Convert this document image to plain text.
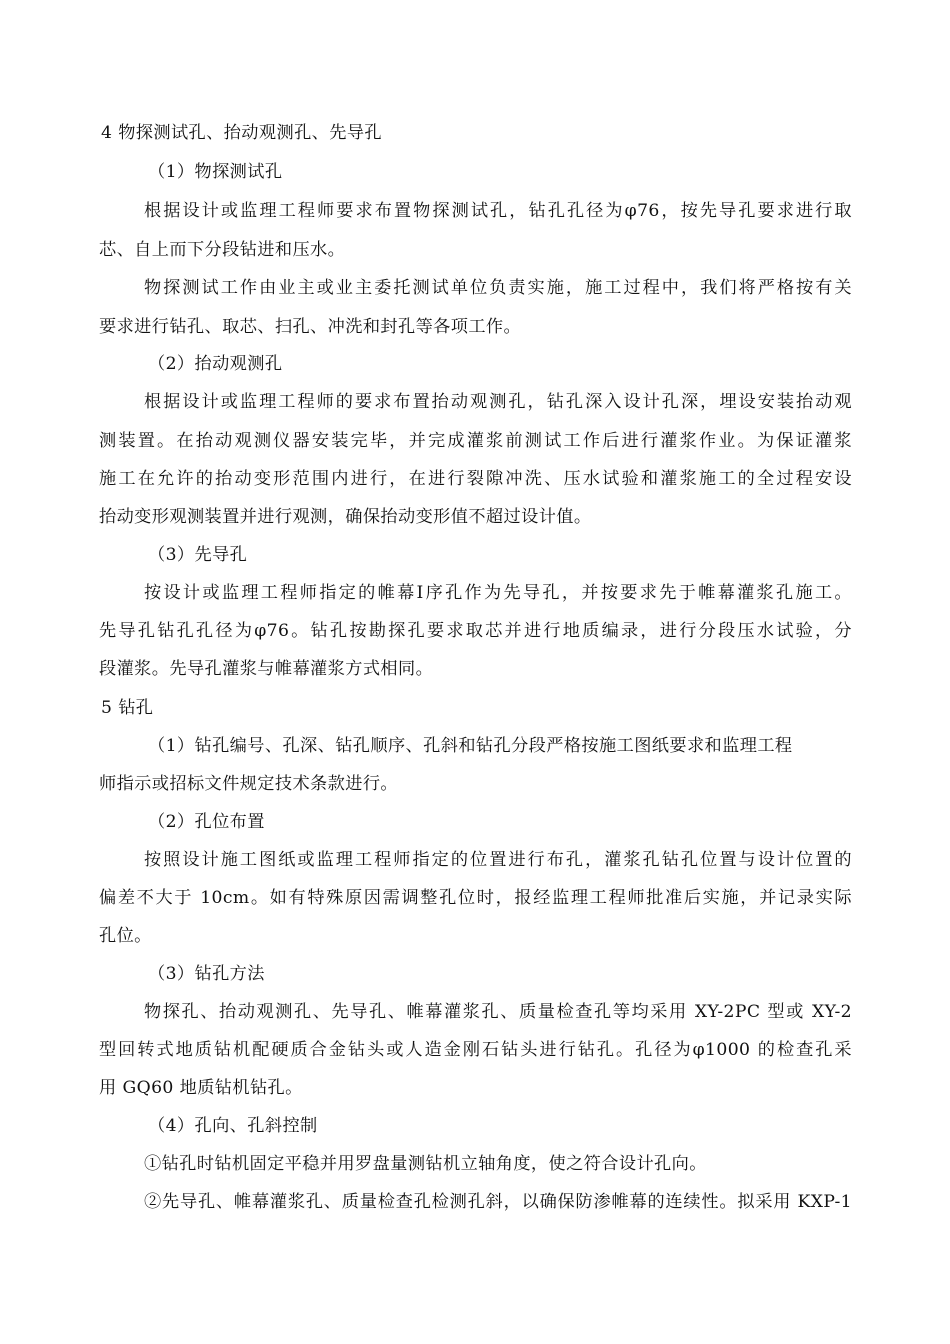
4 物探测试孔、抬动观测孔、先导孔
（1）物探测试孔
根据设计或监理工程师要求布置物探测试孔，钻孔孔径为φ76，按先导孔要求进行取
芯、自上而下分段钻进和压水。
物探测试工作由业主或业主委托测试单位负责实施，施工过程中，我们将严格按有关
要求进行钻孔、取芯、扫孔、冲洗和封孔等各项工作。
（2）抬动观测孔
根据设计或监理工程师的要求布置抬动观测孔，钻孔深入设计孔深，埋设安装抬动观
测装置。在抬动观测仪器安装完毕，并完成灌浆前测试工作后进行灌浆作业。为保证灌浆
施工在允许的抬动变形范围内进行，在进行裂隙冲洗、压水试验和灌浆施工的全过程安设
抬动变形观测装置并进行观测，确保抬动变形值不超过设计值。
（3）先导孔
按设计或监理工程师指定的帷幕Ⅰ序孔作为先导孔，并按要求先于帷幕灌浆孔施工。
先导孔钻孔孔径为φ76。钻孔按勘探孔要求取芯并进行地质编录，进行分段压水试验，分
段灌浆。先导孔灌浆与帷幕灌浆方式相同。
5 钻孔
（1）钻孔编号、孔深、钻孔顺序、孔斜和钻孔分段严格按施工图纸要求和监理工程
师指示或招标文件规定技术条款进行。
（2）孔位布置
按照设计施工图纸或监理工程师指定的位置进行布孔，灌浆孔钻孔位置与设计位置的
偏差不大于 10cm。如有特殊原因需调整孔位时，报经监理工程师批准后实施，并记录实际
孔位。
（3）钻孔方法
物探孔、抬动观测孔、先导孔、帷幕灌浆孔、质量检查孔等均采用 XY-2PC 型或 XY-2
型回转式地质钻机配硬质合金钻头或人造金刚石钻头进行钻孔。孔径为φ1000 的检查孔采
用 GQ60 地质钻机钻孔。
（4）孔向、孔斜控制
①钻孔时钻机固定平稳并用罗盘量测钻机立轴角度，使之符合设计孔向。
②先导孔、帷幕灌浆孔、质量检查孔检测孔斜，以确保防渗帷幕的连续性。拟采用 KXP-1
